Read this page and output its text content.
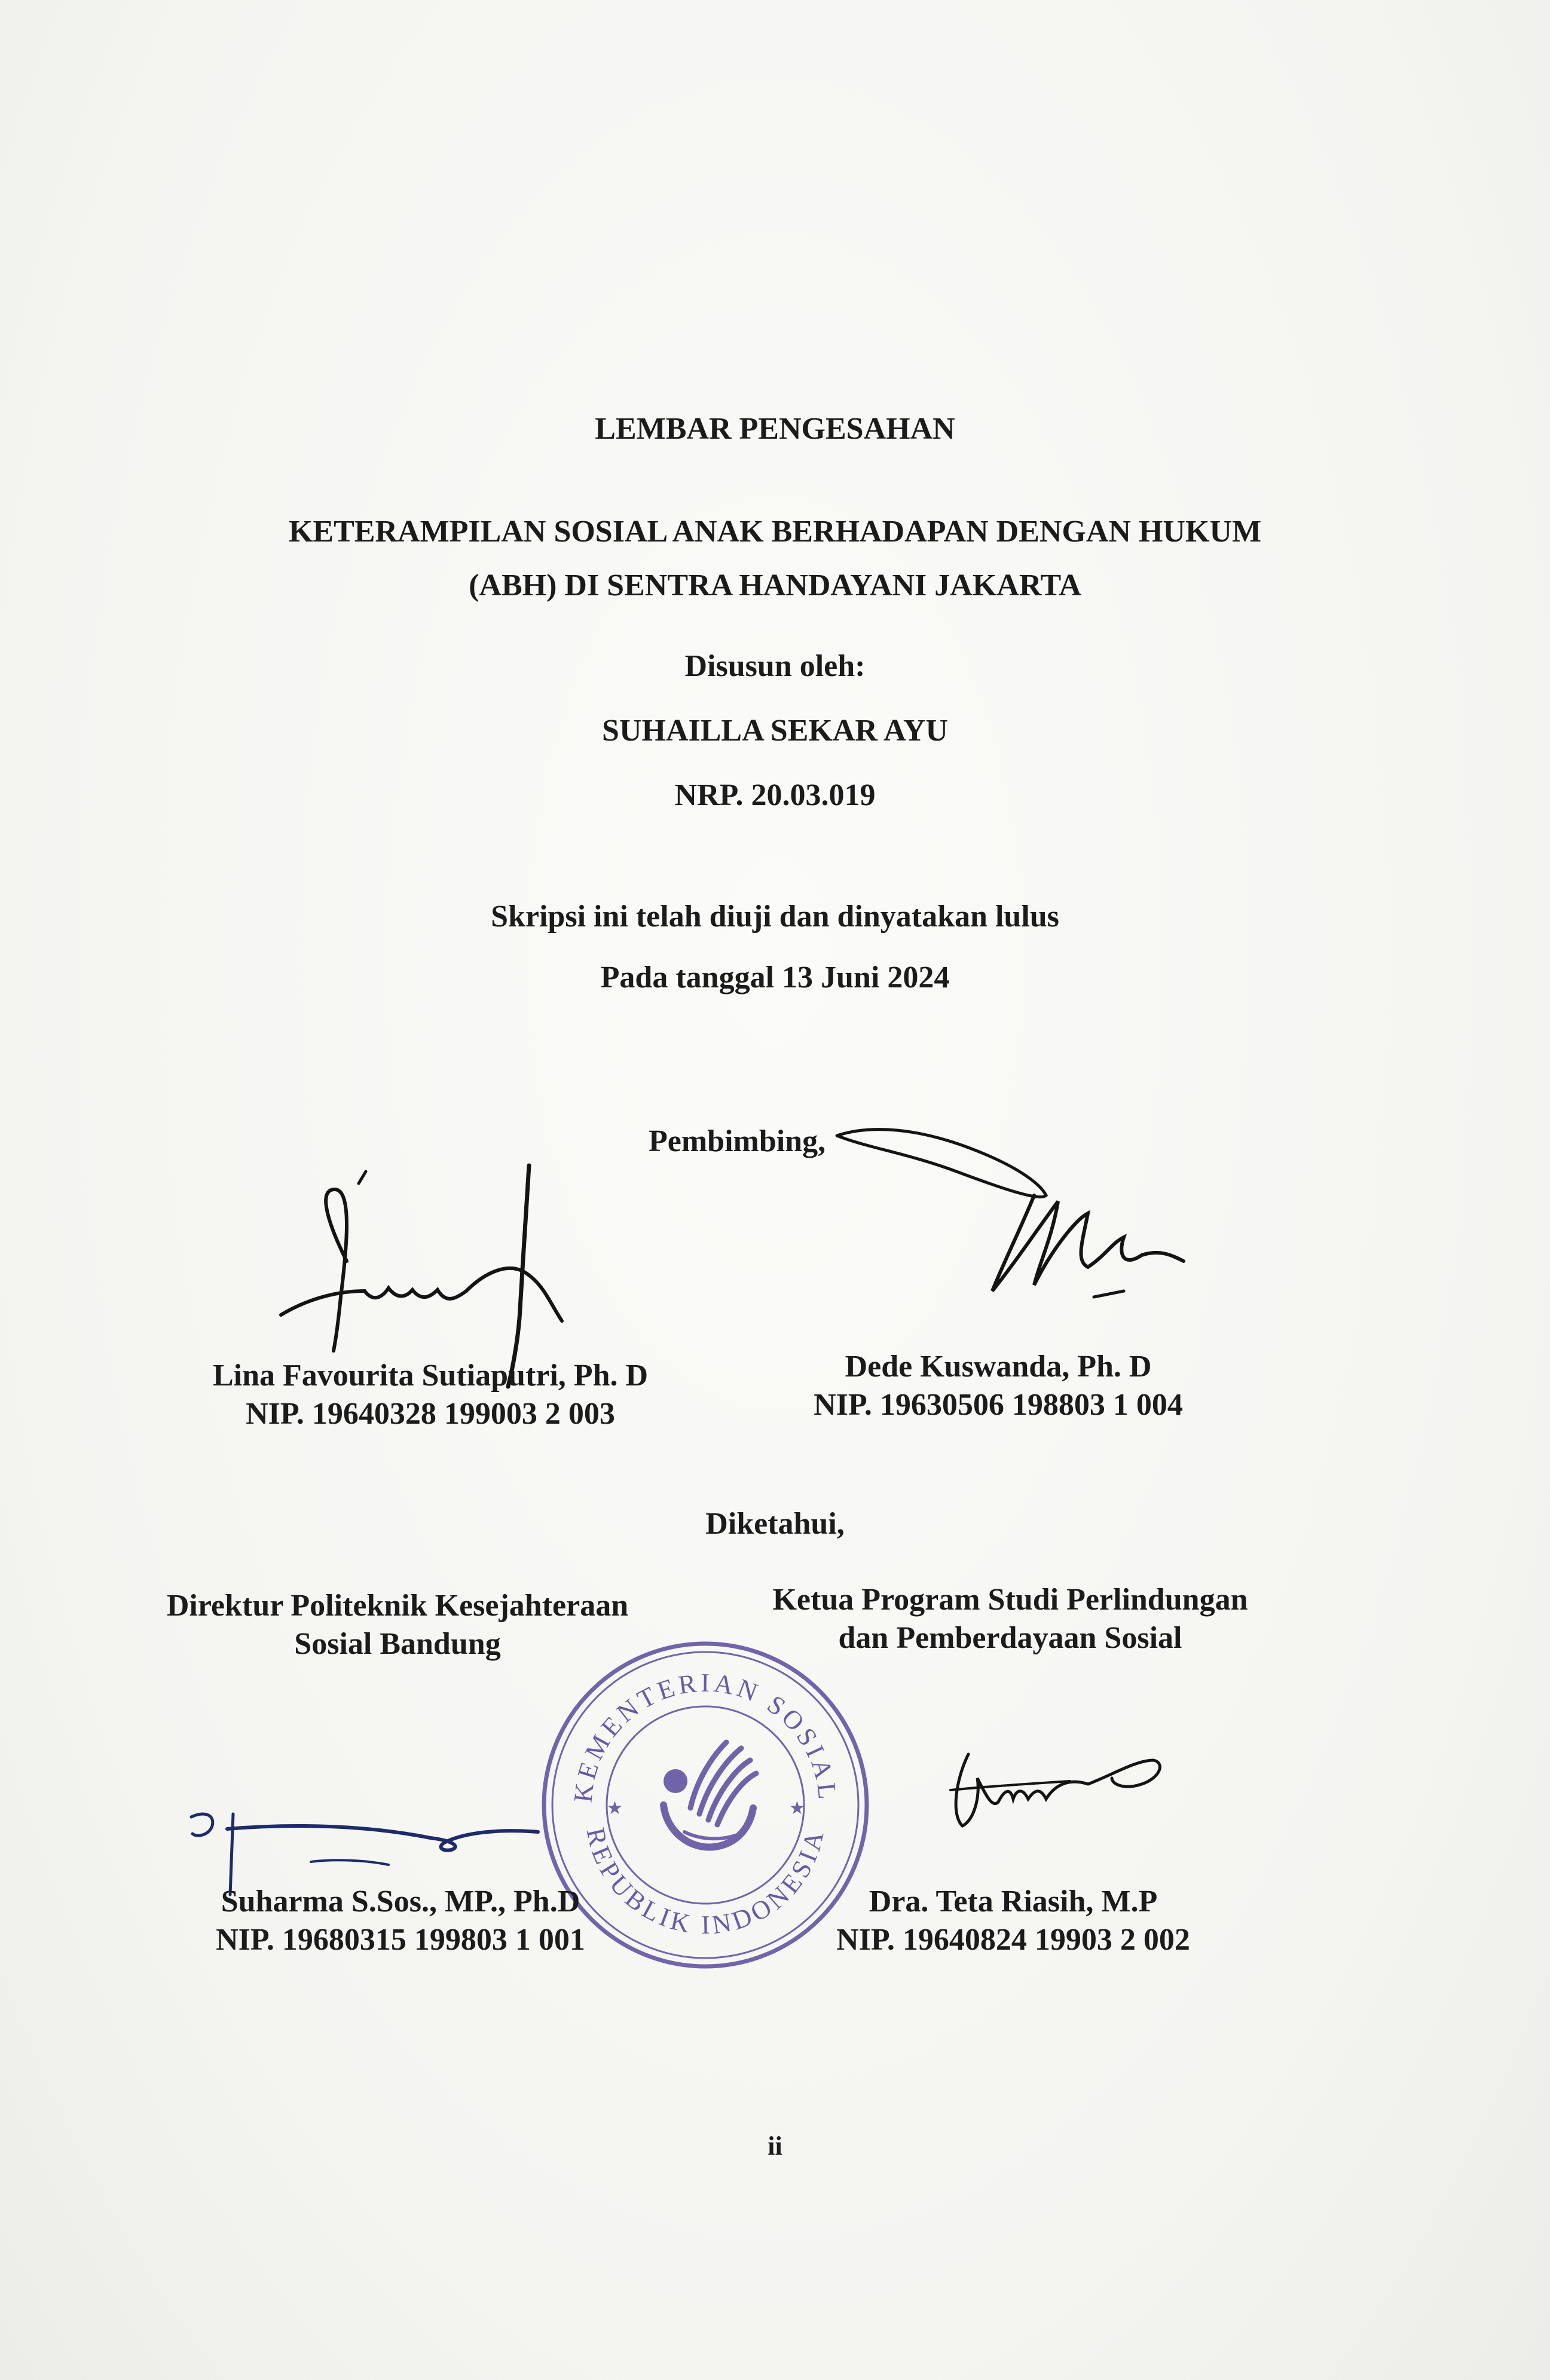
LEMBAR PENGESAHAN
KETERAMPILAN SOSIAL ANAK BERHADAPAN DENGAN HUKUM
(ABH) DI SENTRA HANDAYANI JAKARTA
Disusun oleh:
SUHAILLA SEKAR AYU
NRP. 20.03.019
Skripsi ini telah diuji dan dinyatakan lulus
Pada tanggal 13 Juni 2024
Pembimbing,
Lina Favourita Sutiaputri, Ph. D
NIP. 19640328 199003 2 003
Dede Kuswanda, Ph. D
NIP. 19630506 198803 1 004
Diketahui,
Direktur Politeknik Kesejahteraan
Sosial Bandung
Ketua Program Studi Perlindungan
dan Pemberdayaan Sosial
KEMENTERIAN SOSIAL
REPUBLIK INDONESIA
★	★
Suharma S.Sos., MP., Ph.D
NIP. 19680315 199803 1 001
Dra. Teta Riasih, M.P
NIP. 19640824 19903 2 002
ii
